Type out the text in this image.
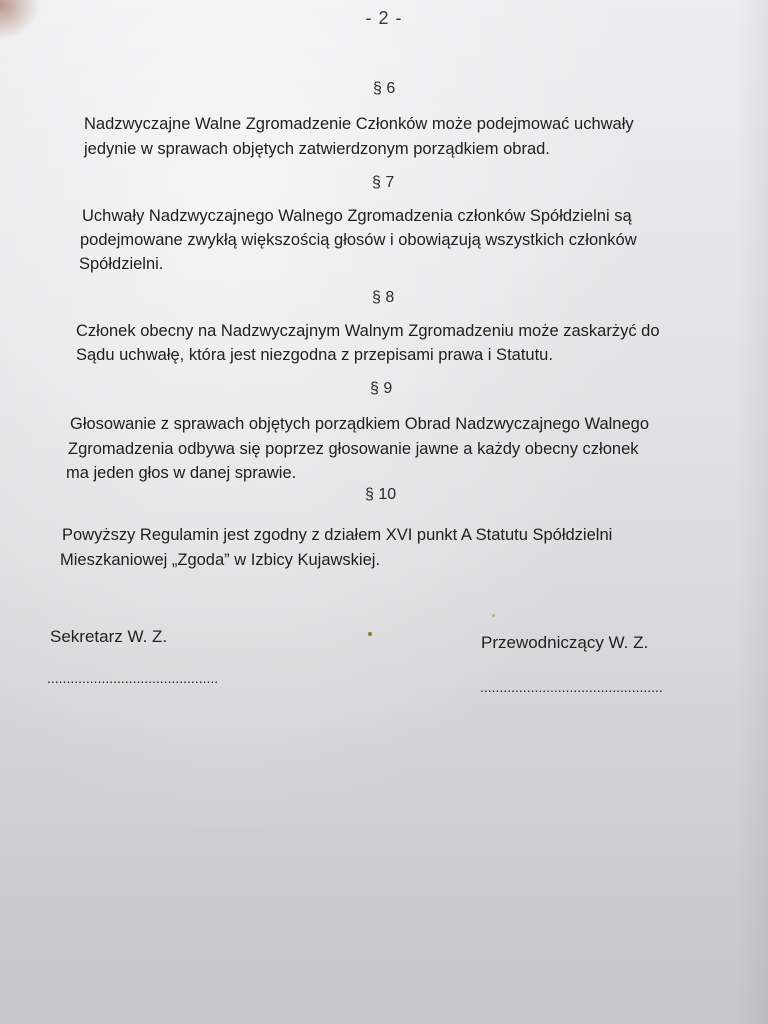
- 2 -
§ 6
Nadzwyczajne Walne Zgromadzenie Członków może podejmować uchwały
jedynie w sprawach objętych zatwierdzonym porządkiem obrad.
§ 7
Uchwały Nadzwyczajnego Walnego Zgromadzenia członków Spółdzielni są
podejmowane zwykłą większością głosów i obowiązują wszystkich członków
Spółdzielni.
§ 8
Członek obecny na Nadzwyczajnym Walnym Zgromadzeniu może zaskarżyć do
Sądu uchwałę, która jest niezgodna z przepisami prawa i Statutu.
§ 9
Głosowanie z sprawach objętych porządkiem Obrad Nadzwyczajnego Walnego
Zgromadzenia odbywa się poprzez głosowanie jawne a każdy obecny członek
ma jeden głos w danej sprawie.
§ 10
Powyższy Regulamin jest zgodny z działem XVI punkt A Statutu Spółdzielni
Mieszkaniowej „Zgoda” w Izbicy Kujawskiej.
Sekretarz W. Z.
............................................
Przewodniczący W. Z.
...............................................
